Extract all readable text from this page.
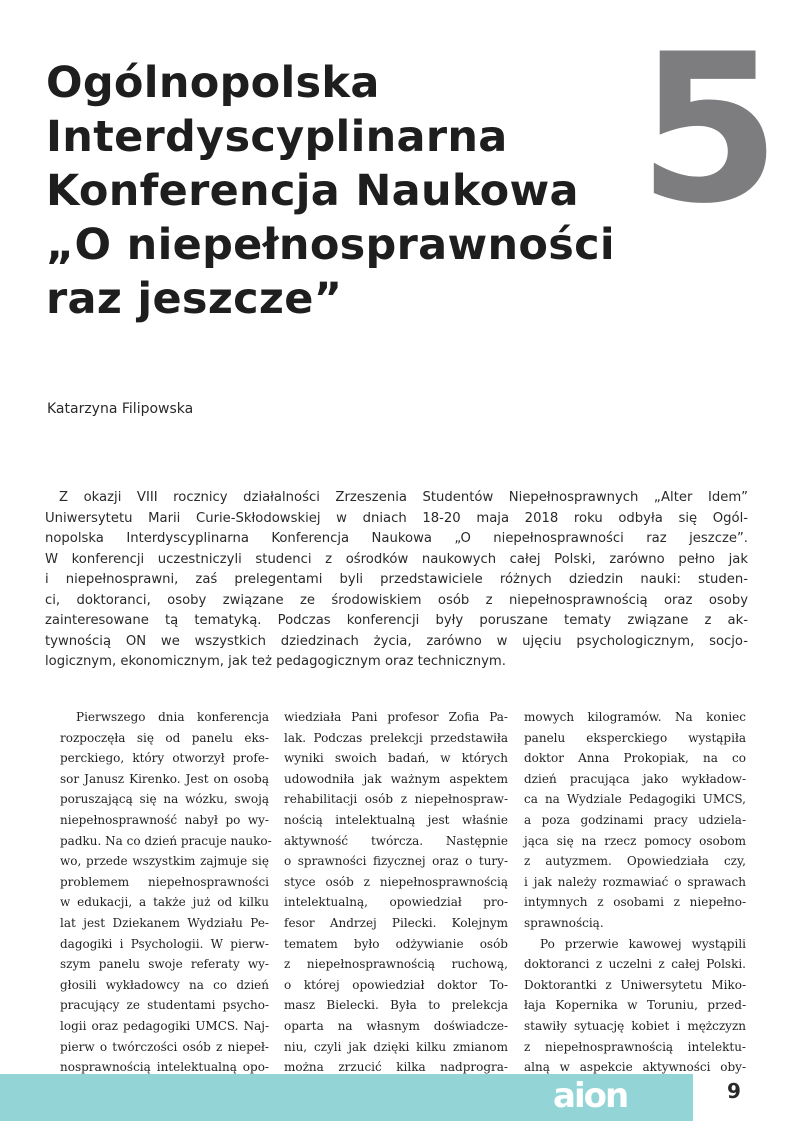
Ogólnopolska
Interdyscyplinarna
Konferencja Naukowa
„O niepełnosprawności
raz jeszcze”
5
Katarzyna Filipowska
Z okazji VIII rocznicy działalności Zrzeszenia Studentów Niepełnosprawnych „Alter Idem”
Uniwersytetu Marii Curie-Skłodowskiej w dniach 18-20 maja 2018 roku odbyła się Ogól-
nopolska Interdyscyplinarna Konferencja Naukowa „O niepełnosprawności raz jeszcze”.
W konferencji uczestniczyli studenci z ośrodków naukowych całej Polski, zarówno pełno jak
i niepełnosprawni, zaś prelegentami byli przedstawiciele różnych dziedzin nauki: studen-
ci, doktoranci, osoby związane ze środowiskiem osób z niepełnosprawnością oraz osoby
zainteresowane tą tematyką. Podczas konferencji były poruszane tematy związane z ak-
tywnością ON we wszystkich dziedzinach życia, zarówno w ujęciu psychologicznym, socjo-
logicznym, ekonomicznym, jak też pedagogicznym oraz technicznym.
Pierwszego dnia konferencja
rozpoczęła się od panelu eks-
perckiego, który otworzył profe-
sor Janusz Kirenko. Jest on osobą
poruszającą się na wózku, swoją
niepełnosprawność nabył po wy-
padku. Na co dzień pracuje nauko-
wo, przede wszystkim zajmuje się
problemem niepełnosprawności
w edukacji, a także już od kilku
lat jest Dziekanem Wydziału Pe-
dagogiki i Psychologii. W pierw-
szym panelu swoje referaty wy-
głosili wykładowcy na co dzień
pracujący ze studentami psycho-
logii oraz pedagogiki UMCS. Naj-
pierw o twórczości osób z niepeł-
nosprawnością intelektualną opo-
wiedziała Pani profesor Zofia Pa-
lak. Podczas prelekcji przedstawiła
wyniki swoich badań, w których
udowodniła jak ważnym aspektem
rehabilitacji osób z niepełnospraw-
nością intelektualną jest właśnie
aktywność twórcza. Następnie
o sprawności fizycznej oraz o tury-
styce osób z niepełnosprawnością
intelektualną, opowiedział pro-
fesor Andrzej Pilecki. Kolejnym
tematem było odżywianie osób
z niepełnosprawnością ruchową,
o której opowiedział doktor To-
masz Bielecki. Była to prelekcja
oparta na własnym doświadcze-
niu, czyli jak dzięki kilku zmianom
można zrzucić kilka nadprogra-
mowych kilogramów. Na koniec
panelu eksperckiego wystąpiła
doktor Anna Prokopiak, na co
dzień pracująca jako wykładow-
ca na Wydziale Pedagogiki UMCS,
a poza godzinami pracy udziela-
jąca się na rzecz pomocy osobom
z autyzmem. Opowiedziała czy,
i jak należy rozmawiać o sprawach
intymnych z osobami z niepełno-
sprawnością.
Po przerwie kawowej wystąpili
doktoranci z uczelni z całej Polski.
Doktorantki z Uniwersytetu Miko-
łaja Kopernika w Toruniu, przed-
stawiły sytuację kobiet i mężczyzn
z niepełnosprawnością intelektu-
alną w aspekcie aktywności oby-
aion	9
